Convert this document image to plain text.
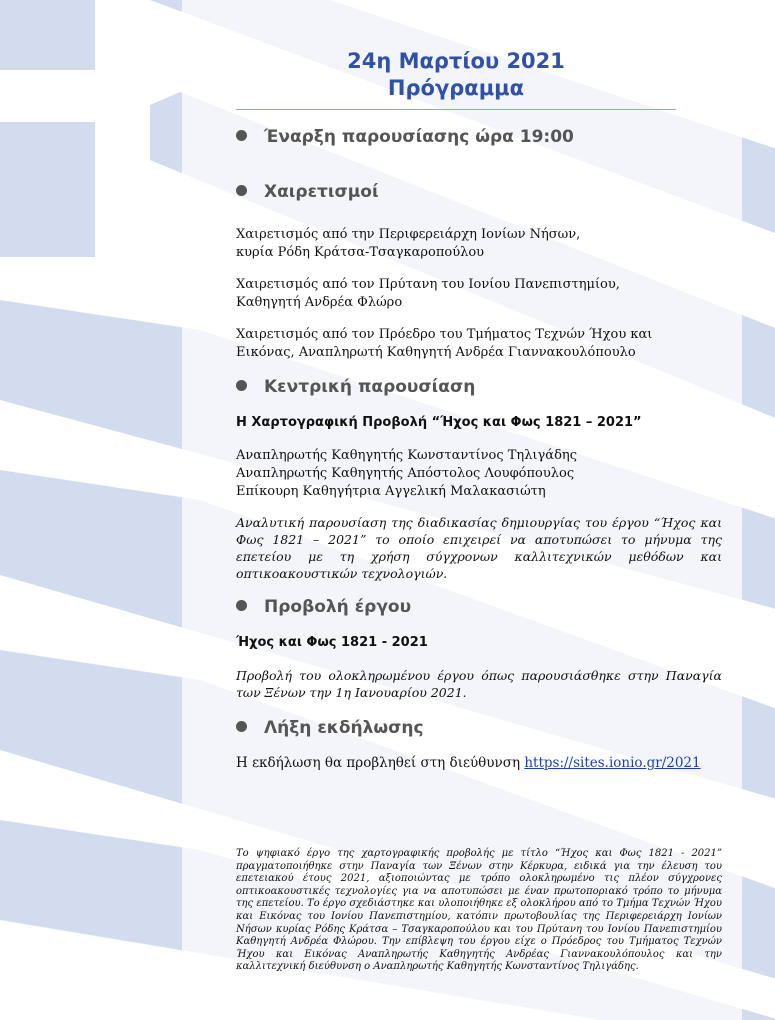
24η Μαρτίου 2021
Πρόγραμμα
Έναρξη παρουσίασης ώρα 19:00
Χαιρετισμοί
Χαιρετισμός από την Περιφερειάρχη Ιονίων Νήσων,
κυρία Ρόδη Κράτσα-Τσαγκαροπούλου
Χαιρετισμός από τον Πρύτανη του Ιονίου Πανεπιστημίου,
Καθηγητή Ανδρέα Φλώρο
Χαιρετισμός από τον Πρόεδρο του Τμήματος Τεχνών Ήχου και
Εικόνας, Αναπληρωτή Καθηγητή Ανδρέα Γιαννακουλόπουλο
Κεντρική παρουσίαση
Η Χαρτογραφική Προβολή “Ήχος και Φως 1821 – 2021”
Αναπληρωτής Καθηγητής Κωνσταντίνος Τηλιγάδης
Αναπληρωτής Καθηγητής Απόστολος Λουφόπουλος
Επίκουρη Καθηγήτρια Αγγελική Μαλακασιώτη
Αναλυτική παρουσίαση της διαδικασίας δημιουργίας του έργου “Ήχος και Φως 1821 – 2021” το οποίο επιχειρεί να αποτυπώσει το μήνυμα της επετείου με τη χρήση σύγχρονων καλλιτεχνικών μεθόδων και οπτικοακουστικών τεχνολογιών.
Προβολή έργου
Ήχος και Φως 1821 - 2021
Προβολή του ολοκληρωμένου έργου όπως παρουσιάσθηκε στην Παναγία των Ξένων την 1η Ιανουαρίου 2021.
Λήξη εκδήλωσης
Η εκδήλωση θα προβληθεί στη διεύθυνση https://sites.ionio.gr/2021
Το ψηφιακό έργο της χαρτογραφικής προβολής με τίτλο “Ήχος και Φως 1821 - 2021” πραγματοποιήθηκε στην Παναγία των Ξένων στην Κέρκυρα, ειδικά για την έλευση του επετειακού έτους 2021, αξιοποιώντας με τρόπο ολοκληρωμένο τις πλέον σύγχρονες οπτικοακουστικές τεχνολογίες για να αποτυπώσει με έναν πρωτοποριακό τρόπο το μήνυμα της επετείου. Το έργο σχεδιάστηκε και υλοποιήθηκε εξ ολοκλήρου από το Τμήμα Τεχνών Ήχου και Εικόνας του Ιονίου Πανεπιστημίου, κατόπιν πρωτοβουλίας της Περιφερειάρχη Ιονίων Νήσων κυρίας Ρόδης Κράτσα – Τσαγκαροπούλου και του Πρύτανη του Ιονίου Πανεπιστημίου Καθηγητή Ανδρέα Φλώρου. Την επίβλεψη του έργου είχε ο Πρόεδρος του Τμήματος Τεχνών Ήχου και Εικόνας Αναπληρωτής Καθηγητής Ανδρέας Γιαννακουλόπουλος και την καλλιτεχνική διεύθυνση ο Αναπληρωτής Καθηγητής Κωνσταντίνος Τηλιγάδης.
